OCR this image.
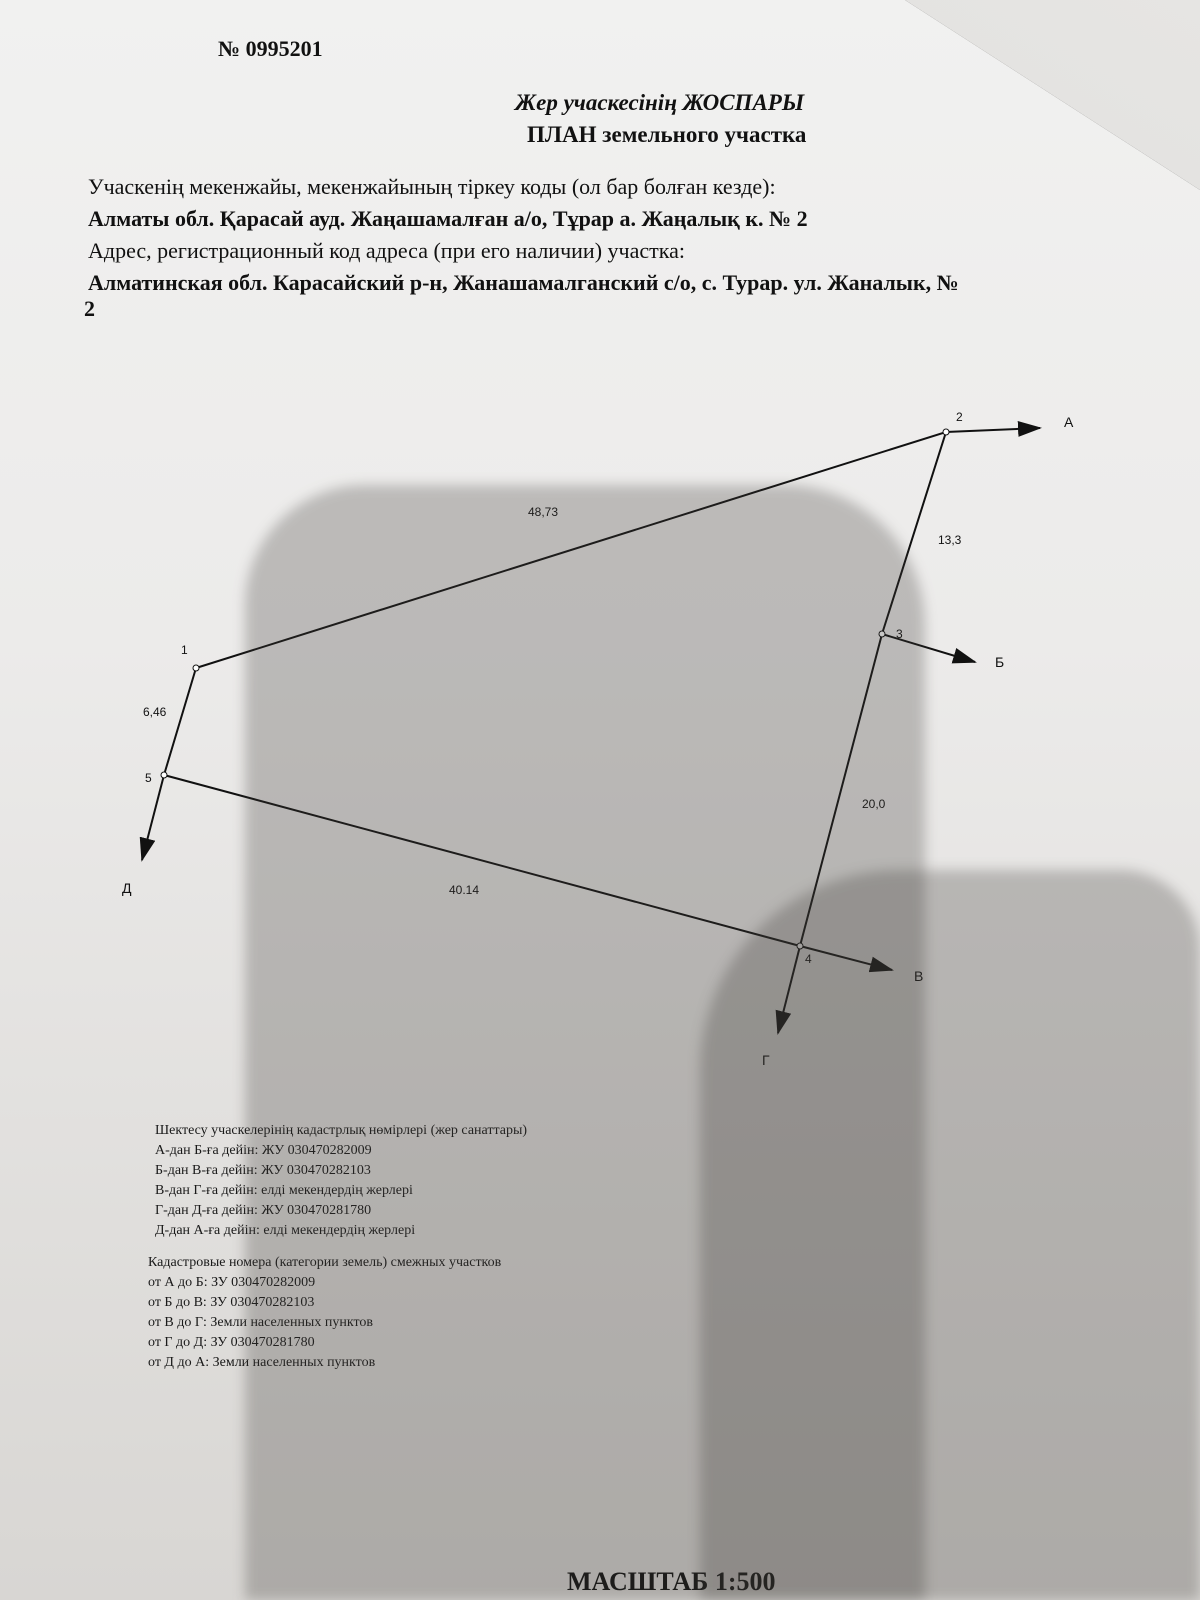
№ 0995201
Жер учаскесінің ЖОСПАРЫ
ПЛАН земельного участка
Учаскенің мекенжайы, мекенжайының тіркеу коды (ол бар болған кезде):
Алматы обл. Қарасай ауд. Жаңашамалған а/о, Тұрар а. Жаңалық к. № 2
Адрес, регистрационный код адреса (при его наличии) участка:
Алматинская обл. Карасайский р-н, Жанашамалганский с/о, с. Турар. ул. Жаналык, №
2
1
2
3
4
5
48,73
13,3
20,0
40.14
6,46
А
Б
В
Г
Д
Шектесу учаскелерінің кадастрлық нөмірлері (жер санаттары)
А-дан Б-ға дейін: ЖУ 030470282009
Б-дан В-ға дейін: ЖУ 030470282103
В-дан Г-ға дейін: елді мекендердің жерлері
Г-дан Д-ға дейін: ЖУ 030470281780
Д-дан А-ға дейін: елді мекендердің жерлері
Кадастровые номера (категории земель) смежных участков
от А до Б: ЗУ 030470282009
от Б до В: ЗУ 030470282103
от В до Г: Земли населенных пунктов
от Г до Д: ЗУ 030470281780
от Д до А: Земли населенных пунктов
МАСШТАБ 1:500
